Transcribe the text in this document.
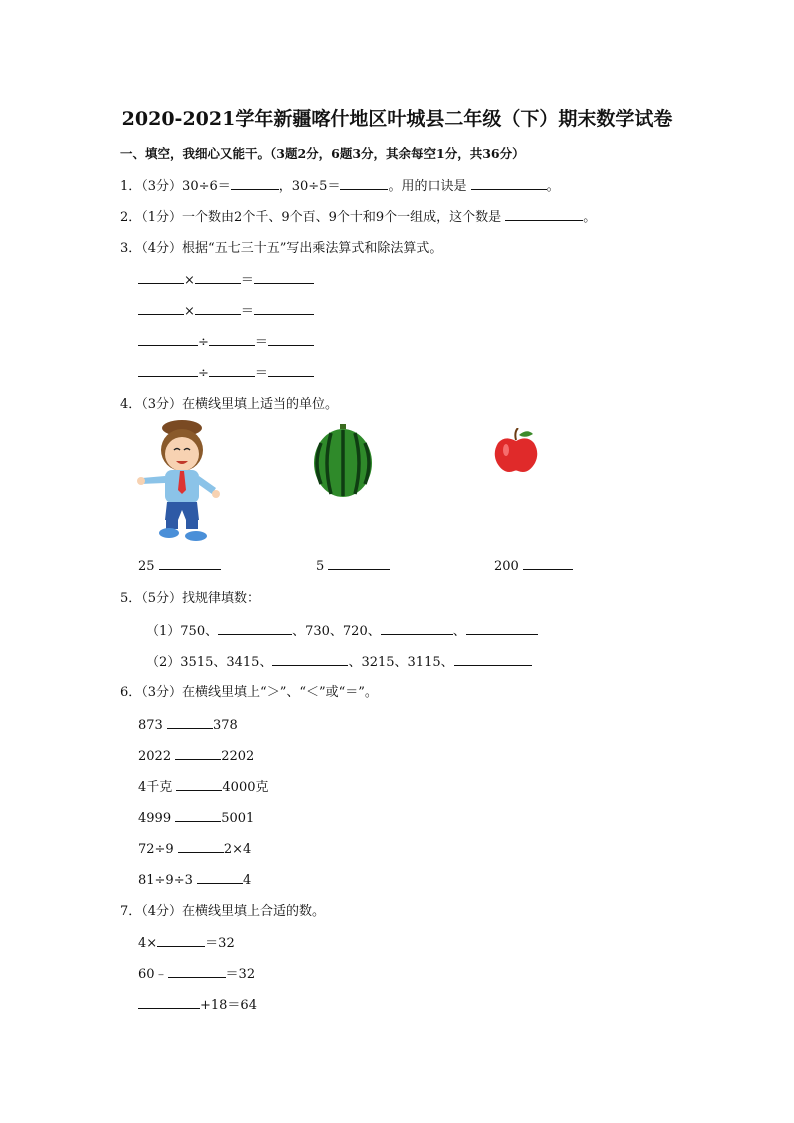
2020-2021学年新疆喀什地区叶城县二年级（下）期末数学试卷
一、填空，我细心又能干。（3题2分，6题3分，其余每空1分，共36分）
1．（3分）30÷6＝	，30÷5＝	。用的口诀是	。
2．（1分）一个数由2个千、9个百、9个十和9个一组成，这个数是	。
3．（4分）根据“五七三十五”写出乘法算式和除法算式。
×	＝
×	＝
÷	＝
÷	＝
4．（3分）在横线里填上适当的单位。
25	5	200
5．（5分）找规律填数：
（1）750、	、730、720、	、
（2）3515、3415、	、3215、3115、
6．（3分）在横线里填上“＞”、“＜”或“＝”。
873	378
2022	2202
4千克	4000克
4999	5001
72÷9	2×4
81÷9÷3	4
7．（4分）在横线里填上合适的数。
4×	＝32
60﹣	＝32
+18＝64
